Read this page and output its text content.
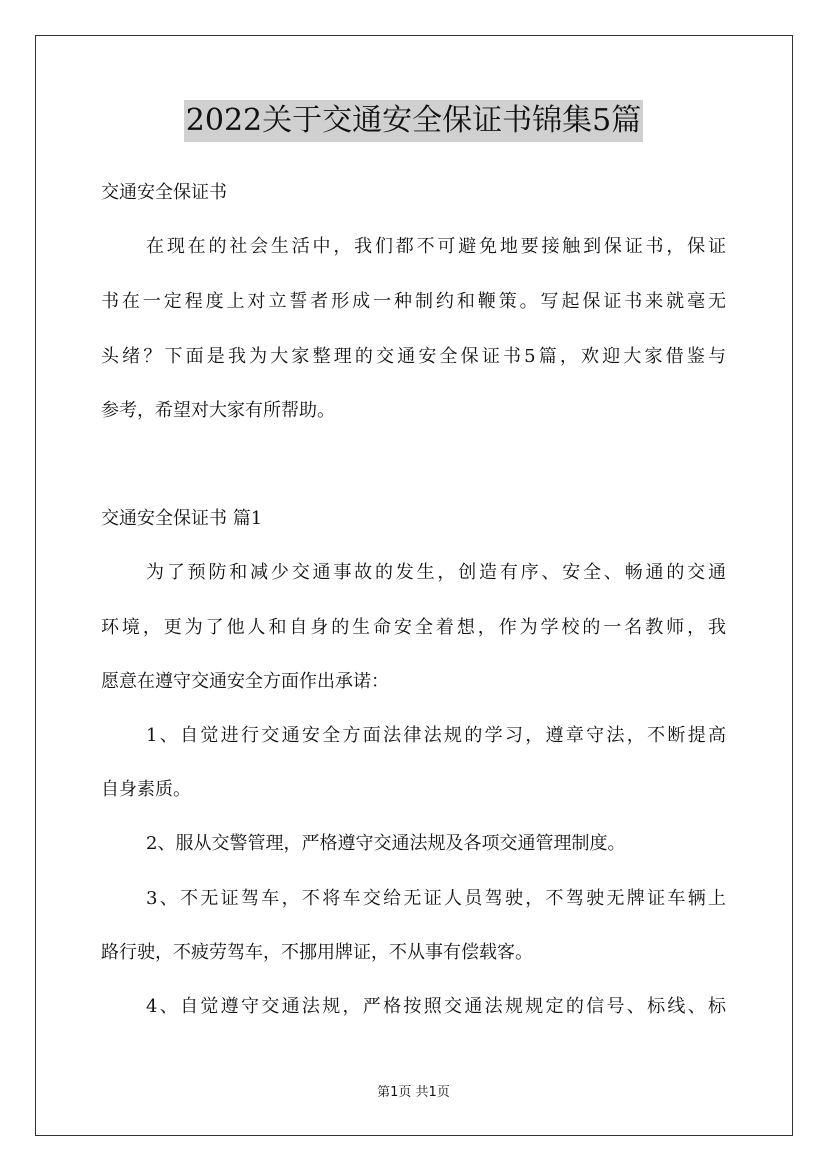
2022关于交通安全保证书锦集5篇
交通安全保证书
在现在的社会生活中，我们都不可避免地要接触到保证书，保证
书在一定程度上对立誓者形成一种制约和鞭策。写起保证书来就毫无
头绪？下面是我为大家整理的交通安全保证书5篇，欢迎大家借鉴与
参考，希望对大家有所帮助。
交通安全保证书 篇1
为了预防和减少交通事故的发生，创造有序、安全、畅通的交通
环境，更为了他人和自身的生命安全着想，作为学校的一名教师，我
愿意在遵守交通安全方面作出承诺：
1、自觉进行交通安全方面法律法规的学习，遵章守法，不断提高
自身素质。
2、服从交警管理，严格遵守交通法规及各项交通管理制度。
3、不无证驾车，不将车交给无证人员驾驶，不驾驶无牌证车辆上
路行驶，不疲劳驾车，不挪用牌证，不从事有偿载客。
4、自觉遵守交通法规，严格按照交通法规规定的信号、标线、标
第1页 共1页
